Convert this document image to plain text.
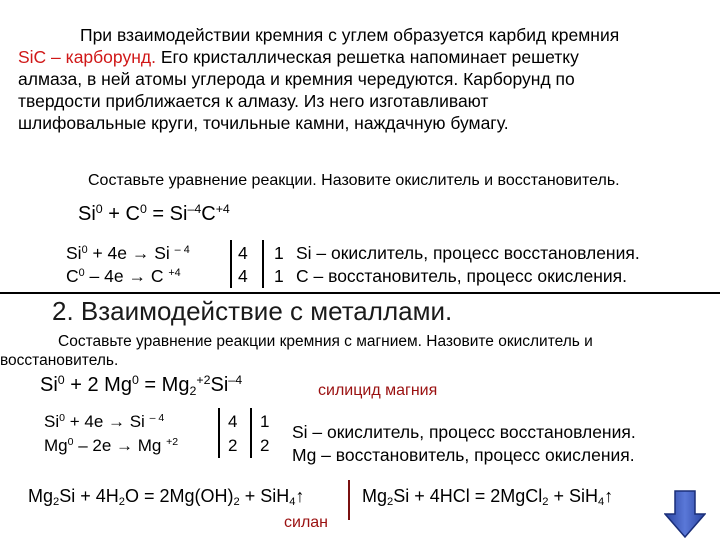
При взаимодействии кремния с углем образуется карбид кремния

SiC – карборунд. Его кристаллическая решетка напоминает решетку

алмаза, в ней атомы углерода и кремния чередуются. Карборунд по

твердости приближается к алмазу. Из него изготавливают

шлифовальные круги, точильные камни, наждачную бумагу.

Составьте уравнение реакции. Назовите окислитель и восстановитель.
$Si^0 + C^0 = Si^{-4}C^{+4}$
$Si^0 + 4e \to Si$ $^{- 4}$
$C^0 - 4e \to C$ $^{+4}$
4
4
1
1
Si – окислитель, процесс восстановления.
C – восстановитель, процесс окисления.
2. Взаимодействие с металлами.
Составьте уравнение реакции кремния с магнием. Назовите окислитель и
восстановитель.
$Si^0 + 2$ $Mg^0 = Mg_2^{+2}Si^{-4}$
силицид магния
$Si^0 + 4e \to Si$ $^{- 4}$
Mg$^0$ – 2e → Mg $^{+2}$
4
2
1
2
Si – окислитель, процесс восстановления.
Mg – восстановитель, процесс окисления.
$Mg_2Si + 4H_2O = 2Mg(OH)_2$ + SiH$_4$↑
силан
$Mg_2Si + 4HCl$ = 2MgCl$_2$ + SiH$_4$↑
